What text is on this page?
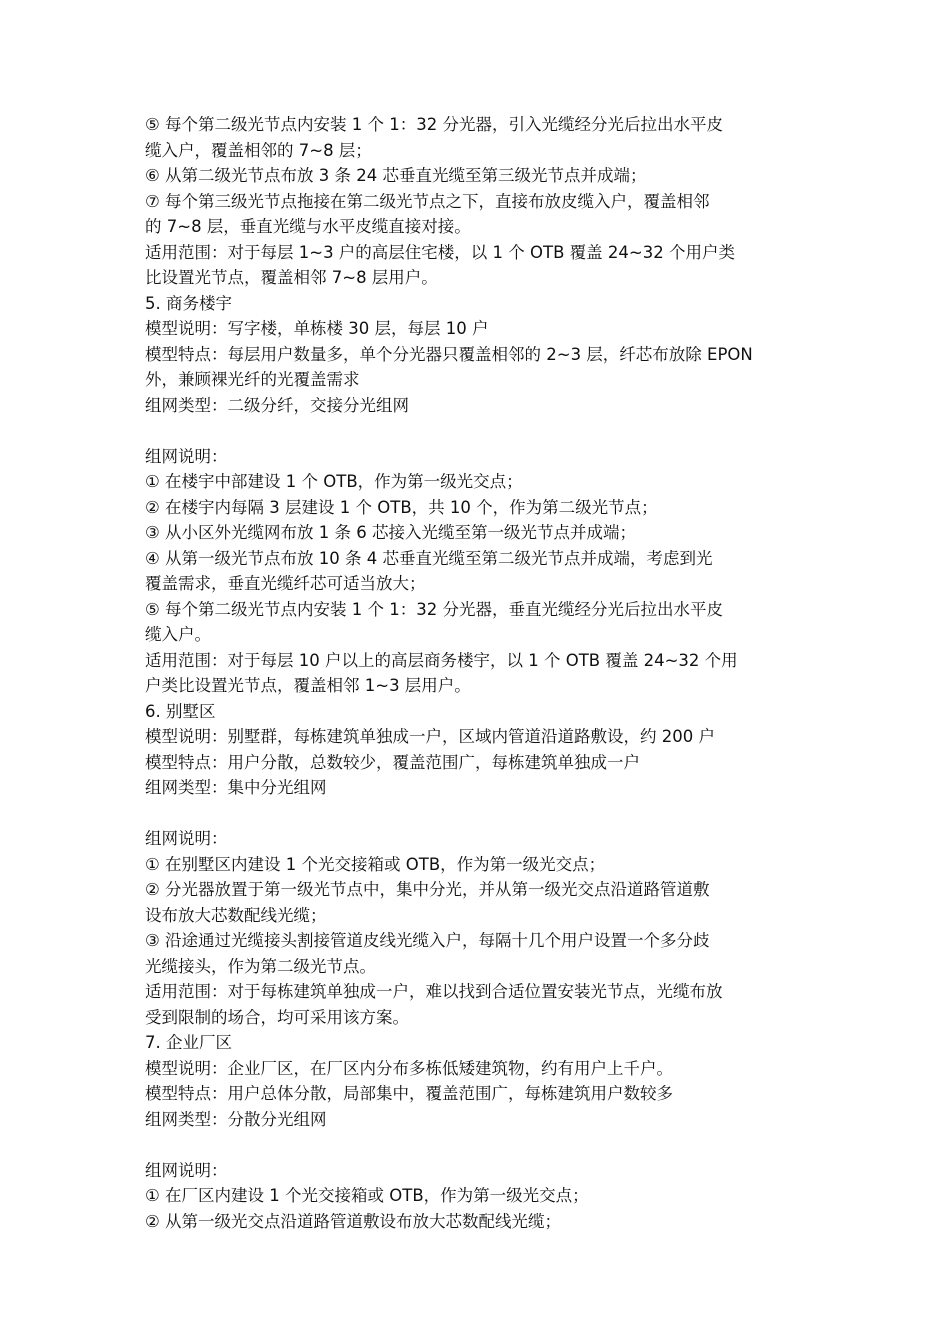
⑤ 每个第二级光节点内安装 1 个 1：32 分光器，引入光缆经分光后拉出水平皮
缆入户，覆盖相邻的 7~8 层；
⑥ 从第二级光节点布放 3 条 24 芯垂直光缆至第三级光节点并成端；
⑦ 每个第三级光节点拖接在第二级光节点之下，直接布放皮缆入户，覆盖相邻
的 7~8 层，垂直光缆与水平皮缆直接对接。
适用范围：对于每层 1~3 户的高层住宅楼，以 1 个 OTB 覆盖 24~32 个用户类
比设置光节点，覆盖相邻 7~8 层用户。
5. 商务楼宇
模型说明：写字楼，单栋楼 30 层，每层 10 户
模型特点：每层用户数量多，单个分光器只覆盖相邻的 2~3 层，纤芯布放除 EPON
外，兼顾裸光纤的光覆盖需求
组网类型：二级分纤，交接分光组网
组网说明：
① 在楼宇中部建设 1 个 OTB，作为第一级光交点；
② 在楼宇内每隔 3 层建设 1 个 OTB，共 10 个，作为第二级光节点；
③ 从小区外光缆网布放 1 条 6 芯接入光缆至第一级光节点并成端；
④ 从第一级光节点布放 10 条 4 芯垂直光缆至第二级光节点并成端，考虑到光
覆盖需求，垂直光缆纤芯可适当放大；
⑤ 每个第二级光节点内安装 1 个 1：32 分光器，垂直光缆经分光后拉出水平皮
缆入户。
适用范围：对于每层 10 户以上的高层商务楼宇，以 1 个 OTB 覆盖 24~32 个用
户类比设置光节点，覆盖相邻 1~3 层用户。
6. 别墅区
模型说明：别墅群，每栋建筑单独成一户，区域内管道沿道路敷设，约 200 户
模型特点：用户分散，总数较少，覆盖范围广，每栋建筑单独成一户
组网类型：集中分光组网
组网说明：
① 在别墅区内建设 1 个光交接箱或 OTB，作为第一级光交点；
② 分光器放置于第一级光节点中，集中分光，并从第一级光交点沿道路管道敷
设布放大芯数配线光缆；
③ 沿途通过光缆接头割接管道皮线光缆入户，每隔十几个用户设置一个多分歧
光缆接头，作为第二级光节点。
适用范围：对于每栋建筑单独成一户，难以找到合适位置安装光节点，光缆布放
受到限制的场合，均可采用该方案。
7. 企业厂区
模型说明：企业厂区，在厂区内分布多栋低矮建筑物，约有用户上千户。
模型特点：用户总体分散，局部集中，覆盖范围广，每栋建筑用户数较多
组网类型：分散分光组网
组网说明：
① 在厂区内建设 1 个光交接箱或 OTB，作为第一级光交点；
② 从第一级光交点沿道路管道敷设布放大芯数配线光缆；
